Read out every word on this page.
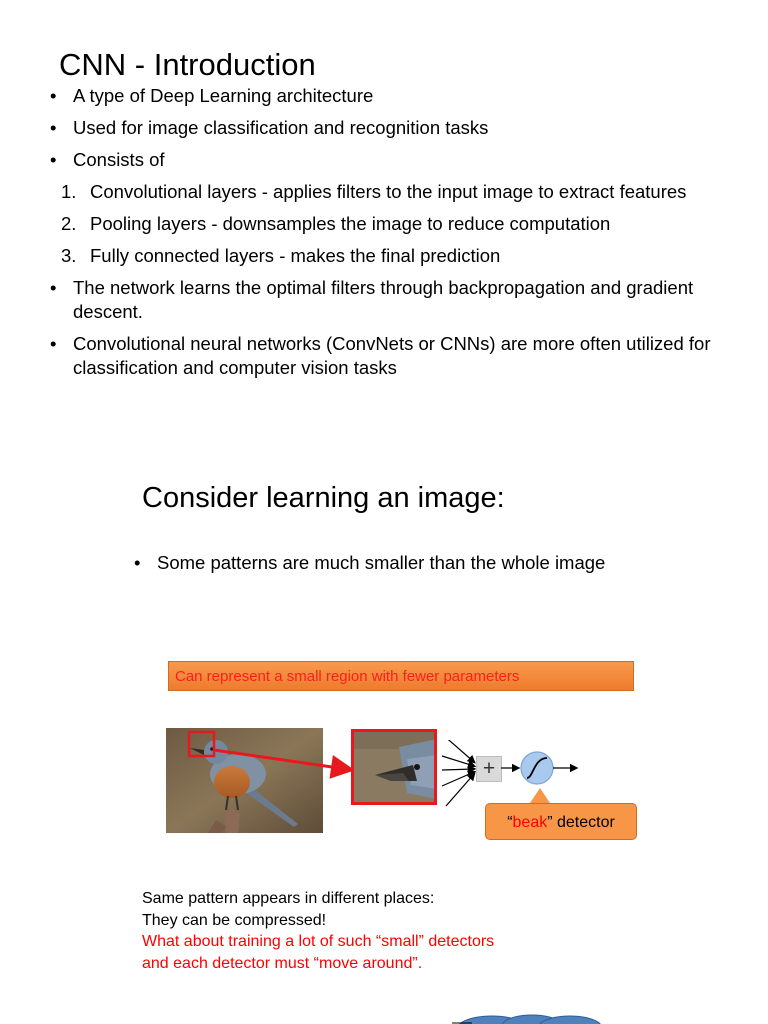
CNN - Introduction
• A type of Deep Learning architecture
• Used for image classification and recognition tasks
• Consists of
1. Convolutional layers - applies filters to the input image to extract features
2. Pooling layers - downsamples the image to reduce computation
3. Fully connected layers - makes the final prediction
• The network learns the optimal filters through backpropagation and gradient descent.
• Convolutional neural networks (ConvNets or CNNs) are more often utilized for classification and computer vision tasks
Consider learning an image:
• Some patterns are much smaller than the whole image
Can represent a small region with fewer parameters
+
“beak” detector
Same pattern appears in different places:
They can be compressed!
What about training a lot of such “small” detectors
and each detector must “move around”.
